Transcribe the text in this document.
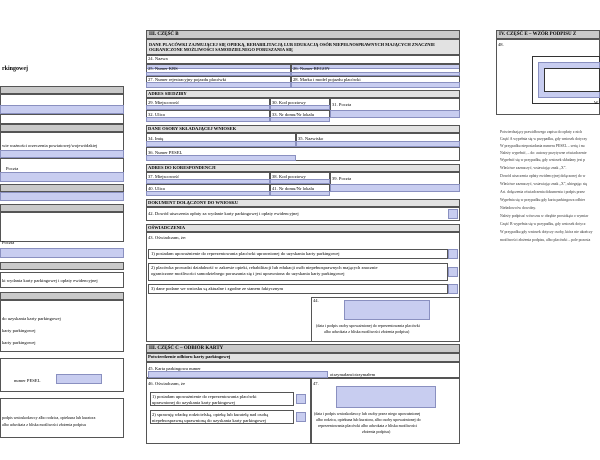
rkingowej
wie ważności orzeczenia powiatowej/wojewódzkiej
Poczta
Poczta
ki wydania karty parkingowej i opłaty ewidencyjnej
do uzyskania karty parkingowej
karty parkingowej
karty parkingowej
numer PESEL
podpis wnioskodawcy albo rodzica, opiekuna lub kuratora
albo adwokata z bliska możliwości złożenia podpisu
III. CZĘŚĆ B
DANE PLACÓWKI ZAJMUJĄCEJ SIĘ OPIEKĄ, REHABILITACJĄ LUB EDUKACJĄ OSÓB NIEPEŁNOSPRAWNYCH MAJĄCYCH ZNACZNIE OGRANICZONE MOŻLIWOŚCI SAMODZIELNEGO PORUSZANIA SIĘ
24. Nazwa
25. Numer KRS	26. Numer REGON
27. Numer rejestracyjny pojazdu placówki	28. Marka i model pojazdu placówki
ADRES SIEDZIBY
29. Miejscowość	30. Kod pocztowy	31. Poczta
32. Ulica	33. Nr domu/Nr lokalu
DANE OSOBY SKŁADAJĄCEJ WNIOSEK
34. Imię	35. Nazwisko
36. Numer PESEL
ADRES DO KORESPONDENCJI
37. Miejscowość	38. Kod pocztowy	39. Poczta
40. Ulica	41. Nr domu/Nr lokalu
DOKUMENT DOŁĄCZONY DO WNIOSKU
42. Dowód uiszczenia opłaty za wydanie karty parkingowej i opłaty ewidencyjnej
OŚWIADCZENIA
43. Oświadczam, że:
1) posiadam upoważnienie do reprezentowania placówki uprawnionej do uzyskania karty parkingowej
2) placówka prowadzi działalność w zakresie opieki, rehabilitacji lub edukacji osób niepełnosprawnych mających znacznie
ograniczone możliwości samodzielnego poruszania się i jest uprawniona do uzyskania karty parkingowej
3) dane podane we wniosku są aktualne i zgodne ze stanem faktycznym
44.
(data i podpis osoby upoważnionej do reprezentowania placówki
albo adwokata z bliska możliwości złożenia podpisu)
III. CZĘŚĆ C – ODBIÓR KARTY
Potwierdzenie odbioru karty parkingowej
45. Karta parkingowa numer
otrzymałam/otrzymałem
46. Oświadczam, że	47.
1) posiadam upoważnienie do reprezentowania placówki
uprawnionej do uzyskania karty parkingowej
2) sprawuję władzę rodzicielską, opiekę lub kuratelę nad osobą
niepełnosprawną uprawnioną do uzyskania karty parkingowej
(data i podpis wnioskodawcy lub osoby przez niego upoważnionej
albo rodzica, opiekuna lub kuratora, albo osoby upoważnionej do
reprezentowania placówki albo adwokata z bliska możliwości
złożenia podpisu)
IV. CZĘŚĆ E – WZÓR PODPISU Z
48.
W
Potwierdzający prawidłowego zapisu do opłaty z nich
Część A wypełnia się w przypadku, gdy wniosek dotyczy
W przypadku nieposiadania numeru PESEL – serię i nu
Należy wypełnić, – do: autorzy pozytywne oświadczenie
Wypełnić się w przypadku, gdy wniosek składany jest p
Właściwe zaznaczyć, wstawiając znak „X”.
Dowód uiszczenia opłaty ewidencyjnej dołączonej do w
Właściwe zaznaczyć, wstawiając znak „X”, ubiegając się
Art. dołączenia oświadczenia dokumentu i podpis przez
Wypełnia się w przypadku gdy karta parkingowa odbier
Nieładowców dowolny.
Należy podpisać wówczas w obrębie prostokąta o wymiar
Część B wypełnia się w przypadku, gdy wniosek dotycz
W przypadku gdy wniosek dotyczy osoby, która nie ukończy
możliwości złożenia podpisu, albo placówki – pole pozosta
